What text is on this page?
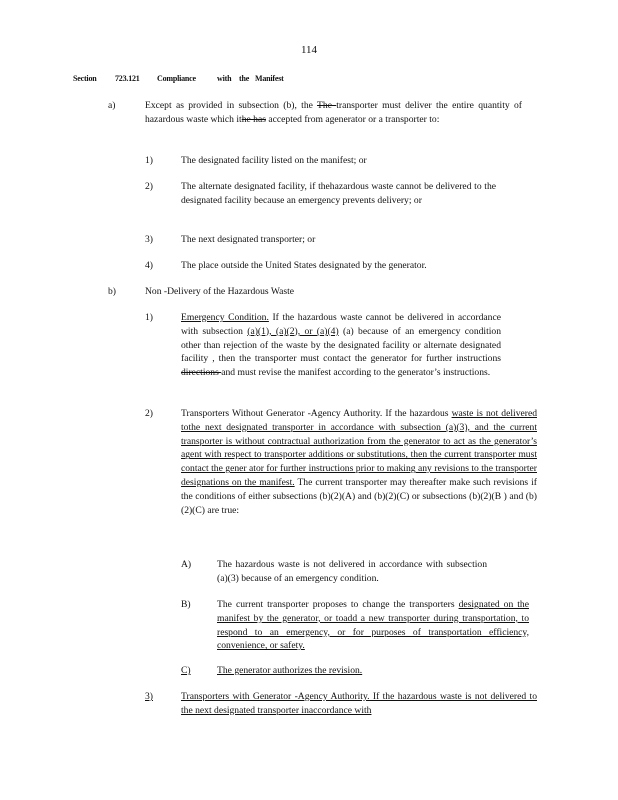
114
Section 723.121 Compliance	with the Manifest
a)	Except as provided in subsection (b), the The transporter must deliver the entire quantity of hazardous waste which ithe has accepted from agenerator or a transporter to:

1)	The designated facility listed on the manifest; or

2)	The alternate designated facility, if thehazardous waste cannot be delivered to the designated facility because an emergency prevents delivery; or

3)	The next designated transporter; or

4)	The place outside the United States designated by the generator.

b)	Non -Delivery of the Hazardous Waste

1)	Emergency Condition. If the hazardous waste cannot be delivered in accordance with subsection (a)(1), (a)(2), or (a)(4) (a) because of an emergency condition other than rejection of the waste by the designated facility or alternate designated facility , then the transporter must contact the generator for further instructions directions and must revise the manifest according to the generator’s instructions.

2)	Transporters Without Generator -Agency Authority. If the hazardous waste is not delivered tothe next designated transporter in accordance with subsection (a)(3), and the current transporter is without contractual authorization from the generator to act as the generator’s agent with respect to transporter additions or substitutions, then the current transporter must contact the gener ator for further instructions prior to making any revisions to the transporter designations on the manifest. The current transporter may thereafter make such revisions if the conditions of either subsections (b)(2)(A) and (b)(2)(C) or subsections (b)(2)(B ) and (b)(2)(C) are true:

A)	The hazardous waste is not delivered in accordance with subsection (a)(3) because of an emergency condition.

B)	The current transporter proposes to change the transporters designated on the manifest by the generator, or toadd a new transporter during transportation, to respond to an emergency, or for purposes of transportation efficiency, convenience, or safety.

C)	The generator authorizes the revision.

3)	Transporters with Generator -Agency Authority. If the hazardous waste is not delivered to the next designated transporter inaccordance with
